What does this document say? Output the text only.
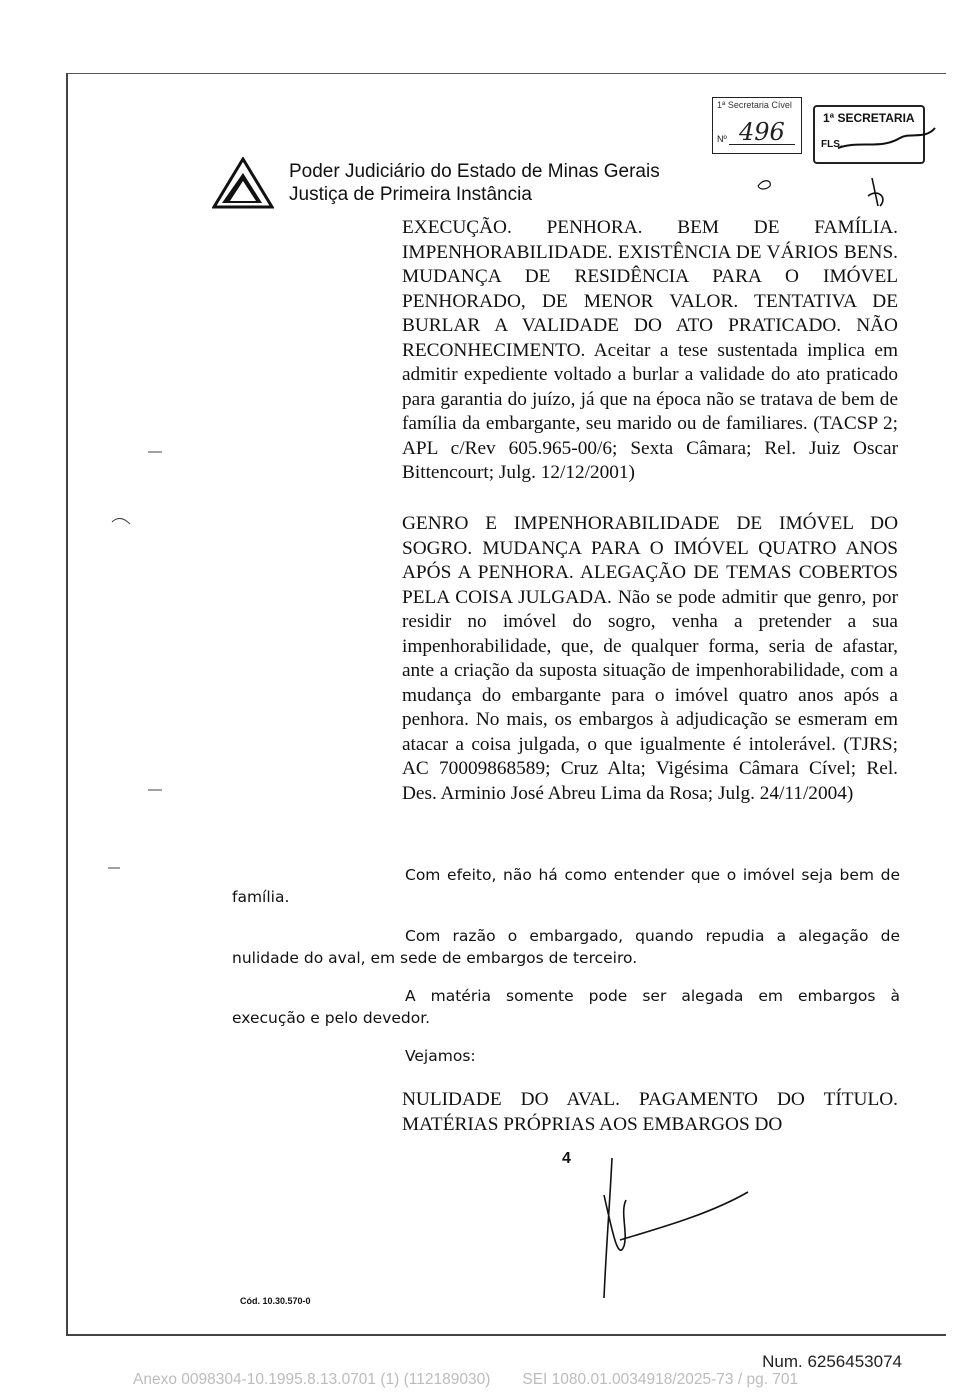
Poder Judiciário do Estado de Minas Gerais
Justiça de Primeira Instância
1ª Secretaria Cível
Nº 496	1ª SECRETARIA
FLS.
EXECUÇÃO. PENHORA. BEM DE FAMÍLIA. IMPENHORABILIDADE. EXISTÊNCIA DE VÁRIOS BENS. MUDANÇA DE RESIDÊNCIA PARA O IMÓVEL PENHORADO, DE MENOR VALOR. TENTATIVA DE BURLAR A VALIDADE DO ATO PRATICADO. NÃO RECONHECIMENTO. Aceitar a tese sustentada implica em admitir expediente voltado a burlar a validade do ato praticado para garantia do juízo, já que na época não se tratava de bem de família da embargante, seu marido ou de familiares. (TACSP 2; APL c/Rev 605.965-00/6; Sexta Câmara; Rel. Juiz Oscar Bittencourt; Julg. 12/12/2001)
GENRO E IMPENHORABILIDADE DE IMÓVEL DO SOGRO. MUDANÇA PARA O IMÓVEL QUATRO ANOS APÓS A PENHORA. ALEGAÇÃO DE TEMAS COBERTOS PELA COISA JULGADA. Não se pode admitir que genro, por residir no imóvel do sogro, venha a pretender a sua impenhorabilidade, que, de qualquer forma, seria de afastar, ante a criação da suposta situação de impenhorabilidade, com a mudança do embargante para o imóvel quatro anos após a penhora. No mais, os embargos à adjudicação se esmeram em atacar a coisa julgada, o que igualmente é intolerável. (TJRS; AC 70009868589; Cruz Alta; Vigésima Câmara Cível; Rel. Des. Arminio José Abreu Lima da Rosa; Julg. 24/11/2004)
NULIDADE DO AVAL. PAGAMENTO DO TÍTULO. MATÉRIAS PRÓPRIAS AOS EMBARGOS DO
Com efeito, não há como entender que o imóvel seja bem de
família.
Com razão o embargado, quando repudia a alegação de
nulidade do aval, em sede de embargos de terceiro.
A matéria somente pode ser alegada em embargos à
execução e pelo devedor.
Vejamos:
4
Cód. 10.30.570-0
Num. 6256453074
Anexo 0098304-10.1995.8.13.0701 (1) (112189030) SEI 1080.01.0034918/2025-73 / pg. 701
